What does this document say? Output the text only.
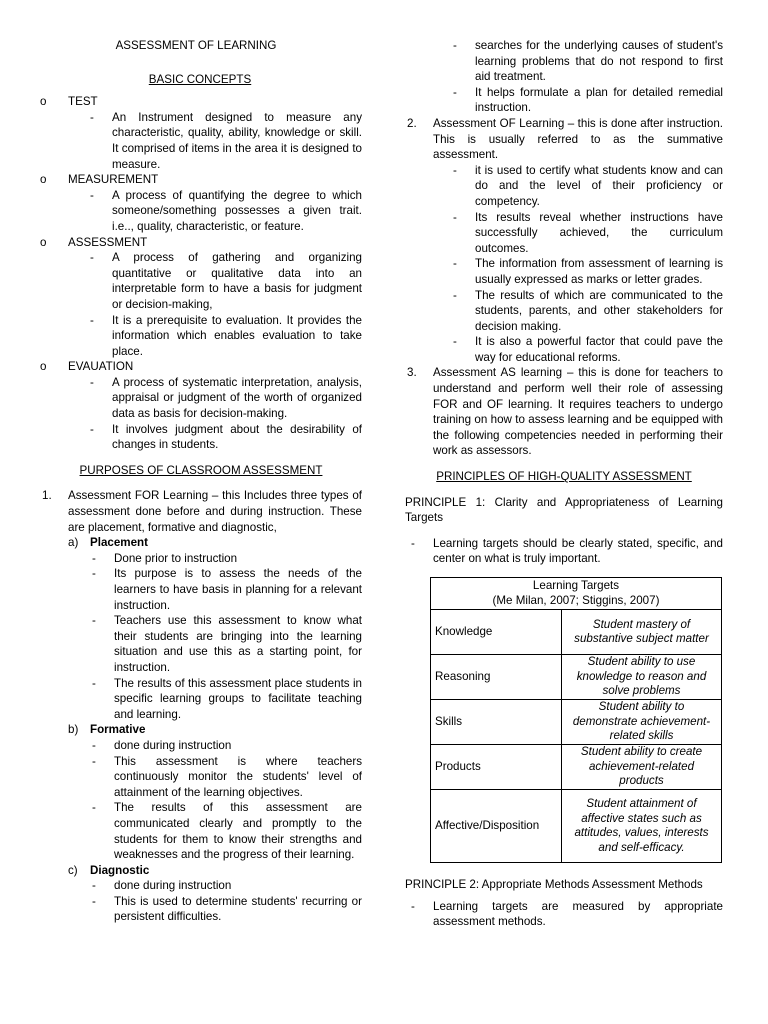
ASSESSMENT OF LEARNING
BASIC CONCEPTS
o TEST
- An Instrument designed to measure any characteristic, quality, ability, knowledge or skill. It comprised of items in the area it is designed to measure.
o MEASUREMENT
- A process of quantifying the degree to which someone/something possesses a given trait. i.e.., quality, characteristic, or feature.
o ASSESSMENT
- A process of gathering and organizing quantitative or qualitative data into an interpretable form to have a basis for judgment or decision-making,
- It is a prerequisite to evaluation. It provides the information which enables evaluation to take place.
o EVAUATION
- A process of systematic interpretation, analysis, appraisal or judgment of the worth of organized data as basis for decision-making.
- It involves judgment about the desirability of changes in students.
PURPOSES OF CLASSROOM ASSESSMENT
1. Assessment FOR Learning – this Includes three types of assessment done before and during instruction. These are placement, formative and diagnostic,
a) Placement
- Done prior to instruction
- Its purpose is to assess the needs of the learners to have basis in planning for a relevant instruction.
- Teachers use this assessment to know what their students are bringing into the learning situation and use this as a starting point, for instruction.
- The results of this assessment place students in specific learning groups to facilitate teaching and learning.
b) Formative
- done during instruction
- This assessment is where teachers continuously monitor the students' level of attainment of the learning objectives.
- The results of this assessment are communicated clearly and promptly to the students for them to know their strengths and weaknesses and the progress of their learning.
c) Diagnostic
- done during instruction
- This is used to determine students' recurring or persistent difficulties.
- searches for the underlying causes of student's learning problems that do not respond to first aid treatment.
- It helps formulate a plan for detailed remedial instruction.
2. Assessment OF Learning – this is done after instruction. This is usually referred to as the summative assessment.
- it is used to certify what students know and can do and the level of their proficiency or competency.
- Its results reveal whether instructions have successfully achieved, the curriculum outcomes.
- The information from assessment of learning is usually expressed as marks or letter grades.
- The results of which are communicated to the students, parents, and other stakeholders for decision making.
- It is also a powerful factor that could pave the way for educational reforms.
3. Assessment AS learning – this is done for teachers to understand and perform well their role of assessing FOR and OF learning. It requires teachers to undergo training on how to assess learning and be equipped with the following competencies needed in performing their work as assessors.
PRINCIPLES OF HIGH-QUALITY ASSESSMENT
PRINCIPLE 1: Clarity and Appropriateness of Learning Targets
- Learning targets should be clearly stated, specific, and center on what is truly important.
Learning Targets
(Me Milan, 2007; Stiggins, 2007)	

Knowledge	Student mastery of substantive subject matter
Reasoning	Student ability to use knowledge to reason and solve problems
Skills	Student ability to demonstrate achievement-related skills
Products	Student ability to create achievement-related products
Affective/Disposition	Student attainment of affective states such as attitudes, values, interests and self-efficacy.
PRINCIPLE 2: Appropriate Methods Assessment Methods
- Learning targets are measured by appropriate assessment methods.
